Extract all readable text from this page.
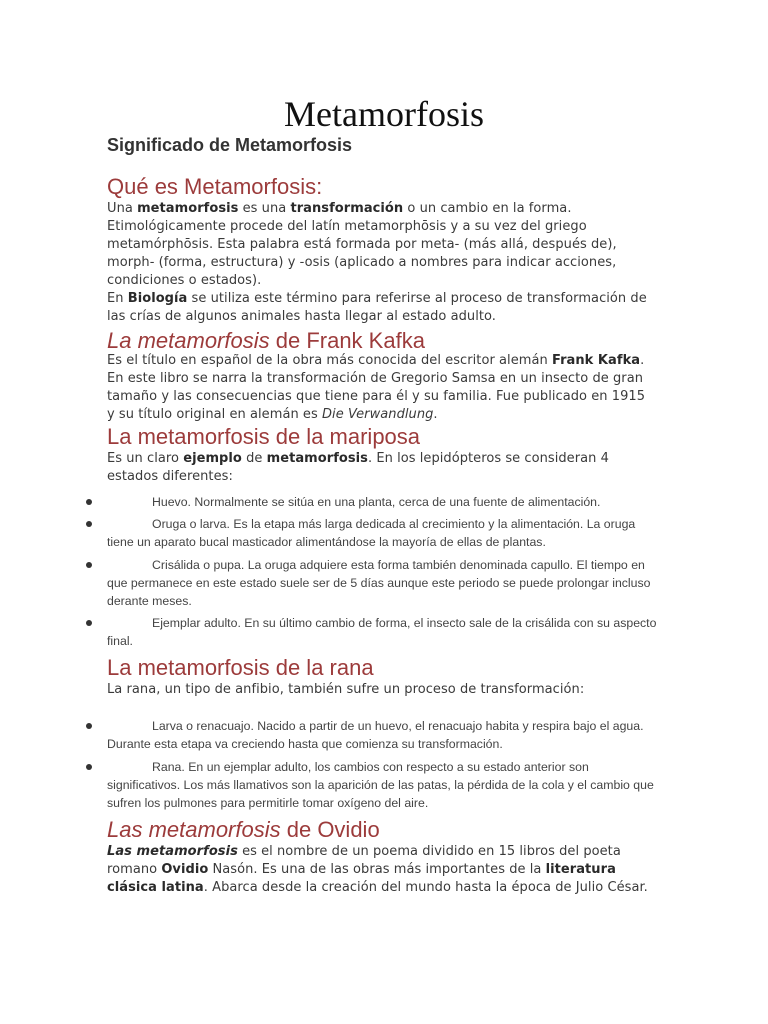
Metamorfosis
Significado de Metamorfosis
Qué es Metamorfosis:
Una metamorfosis es una transformación o un cambio en la forma. Etimológicamente procede del latín metamorphōsis y a su vez del griego metamórphōsis. Esta palabra está formada por meta- (más allá, después de), morph- (forma, estructura) y -osis (aplicado a nombres para indicar acciones, condiciones o estados).
En Biología se utiliza este término para referirse al proceso de transformación de las crías de algunos animales hasta llegar al estado adulto.
La metamorfosis de Frank Kafka
Es el título en español de la obra más conocida del escritor alemán Frank Kafka. En este libro se narra la transformación de Gregorio Samsa en un insecto de gran tamaño y las consecuencias que tiene para él y su familia. Fue publicado en 1915 y su título original en alemán es Die Verwandlung.
La metamorfosis de la mariposa
Es un claro ejemplo de metamorfosis. En los lepidópteros se consideran 4 estados diferentes:
Huevo. Normalmente se sitúa en una planta, cerca de una fuente de alimentación.
Oruga o larva. Es la etapa más larga dedicada al crecimiento y la alimentación. La oruga tiene un aparato bucal masticador alimentándose la mayoría de ellas de plantas.
Crisálida o pupa. La oruga adquiere esta forma también denominada capullo. El tiempo en que permanece en este estado suele ser de 5 días aunque este periodo se puede prolongar incluso derante meses.
Ejemplar adulto. En su último cambio de forma, el insecto sale de la crisálida con su aspecto final.
La metamorfosis de la rana
La rana, un tipo de anfibio, también sufre un proceso de transformación:
Larva o renacuajo. Nacido a partir de un huevo, el renacuajo habita y respira bajo el agua. Durante esta etapa va creciendo hasta que comienza su transformación.
Rana. En un ejemplar adulto, los cambios con respecto a su estado anterior son significativos. Los más llamativos son la aparición de las patas, la pérdida de la cola y el cambio que sufren los pulmones para permitirle tomar oxígeno del aire.
Las metamorfosis de Ovidio
Las metamorfosis es el nombre de un poema dividido en 15 libros del poeta romano Ovidio Nasón. Es una de las obras más importantes de la literatura clásica latina. Abarca desde la creación del mundo hasta la época de Julio César.
